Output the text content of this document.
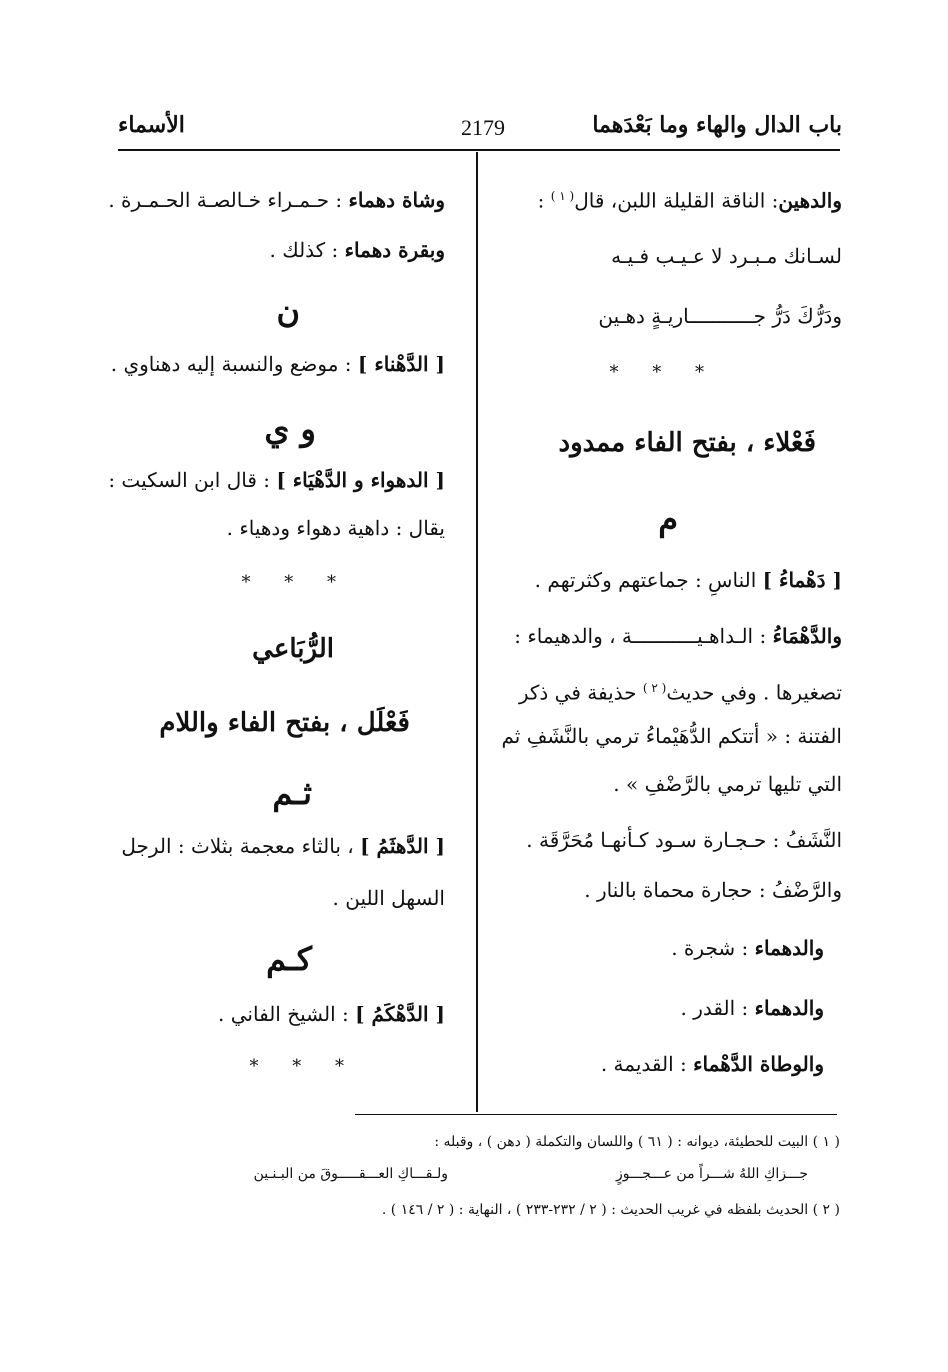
باب الدال والهاء وما بَعْدَهما
2179
الأسماء
والدهين: الناقة القليلة اللبن، قال$^{( ١ )}$ :
لسـانك مـبـرد لا عـيـب فـيـه
ودَرُّكَ دَرُّ جـــــــــــاريـةٍ دهـين
* * *
فَعْلاء ، بفتح الفاء ممدود
م
[ دَهْماءُ ] الناسِ : جماعتهم وكثرتهم .
والدَّهْمَاءُ : الـداهـيـــــــــــة ، والدهيماء :
تصغيرها . وفي حديث$^{( ٢ )}$ حذيفة في ذكر
الفتنة : « أتتكم الدُّهَيْماءُ ترمي بالنَّشَفِ ثم
التي تليها ترمي بالرَّضْفِ » .
النَّشَفُ : حـجـارة سـود كـأنهـا مُحَرَّقَة .
والرَّضْفُ : حجارة محماة بالنار .
والدهماء : شجرة .
والدهماء : القدر .
والوطاة الدَّهْماء : القديمة .
وشاة دهماء : حـمـراء خـالصـة الحـمـرة .
وبقرة دهماء : كذلك .
ن
[ الدَّهْناء ] : موضع والنسبة إليه دهناوي .
و ي
[ الدهواء و الدَّهْيَاء ] : قال ابن السكيت :
يقال : داهية دهواء ودهياء .
* * *
الرُّبَاعي
فَعْلَل ، بفتح الفاء واللام
ثـم
[ الدَّهثَمُ ] ، بالثاء معجمة بثلاث : الرجل
السهل اللين .
كـم
[ الدَّهْكَمُ ] : الشيخ الفاني .
* * *
( ١ ) البيت للحطيئة، ديوانه : ( ٦١ ) واللسان والتكملة ( دهن ) ، وقبله :
جـــزاكِ اللهُ شـــراً من عـــجـــوزٍ
ولـقـــاكِ العـــقـــــوقَ من البـنـين
( ٢ ) الحديث بلفظه في غريب الحديث : ( ٢ / ٢٣٢-٢٣٣ ) ، النهاية : ( ٢ / ١٤٦ ) .
